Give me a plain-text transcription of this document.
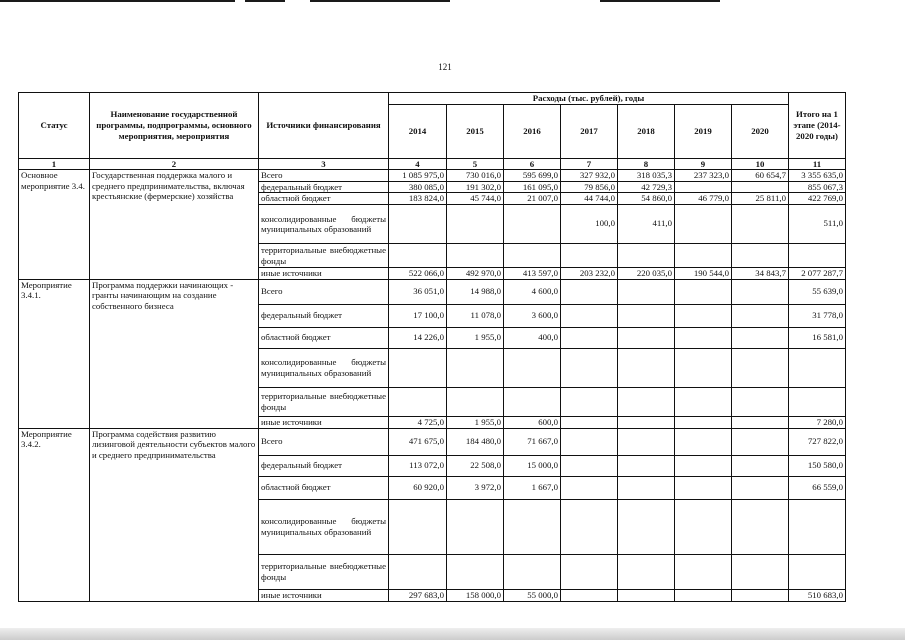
121
Статус	Наименование государственной программы, подпрограммы, основного мероприятия, мероприятия	Источники финансирования	Расходы (тыс. рублей), годы							Итого на 1 этапе (2014-2020 годы)
			2014	2015	2016	2017	2018	2019	2020	
1	2	3	4	5	6	7	8	9	10	11
Основное мероприятие 3.4.	Государственная поддержка малого и среднего предпринимательства, включая крестьянские (фермерские) хозяйства	Всего	1 085 975,0	730 016,0	595 699,0	327 932,0	318 035,3	237 323,0	60 654,7	3 355 635,0
		федеральный бюджет	380 085,0	191 302,0	161 095,0	79 856,0	42 729,3			855 067,3
		областной бюджет	183 824,0	45 744,0	21 007,0	44 744,0	54 860,0	46 779,0	25 811,0	422 769,0
		консолидированные бюджеты муниципальных образований				100,0	411,0			511,0
		территориальные внебюджетные фонды								
		иные источники	522 066,0	492 970,0	413 597,0	203 232,0	220 035,0	190 544,0	34 843,7	2 077 287,7
Мероприятие 3.4.1.	Программа поддержки начинающих - гранты начинающим на создание собственного бизнеса	Всего	36 051,0	14 988,0	4 600,0					55 639,0
		федеральный бюджет	17 100,0	11 078,0	3 600,0					31 778,0
		областной бюджет	14 226,0	1 955,0	400,0					16 581,0
		консолидированные бюджеты муниципальных образований								
		территориальные внебюджетные фонды								
		иные источники	4 725,0	1 955,0	600,0					7 280,0
Мероприятие 3.4.2.	Программа содействия развитию лизинговой деятельности субъектов малого и среднего предпринимательства	Всего	471 675,0	184 480,0	71 667,0					727 822,0
		федеральный бюджет	113 072,0	22 508,0	15 000,0					150 580,0
		областной бюджет	60 920,0	3 972,0	1 667,0					66 559,0
		консолидированные бюджеты муниципальных образований								
		территориальные внебюджетные фонды								
		иные источники	297 683,0	158 000,0	55 000,0					510 683,0
